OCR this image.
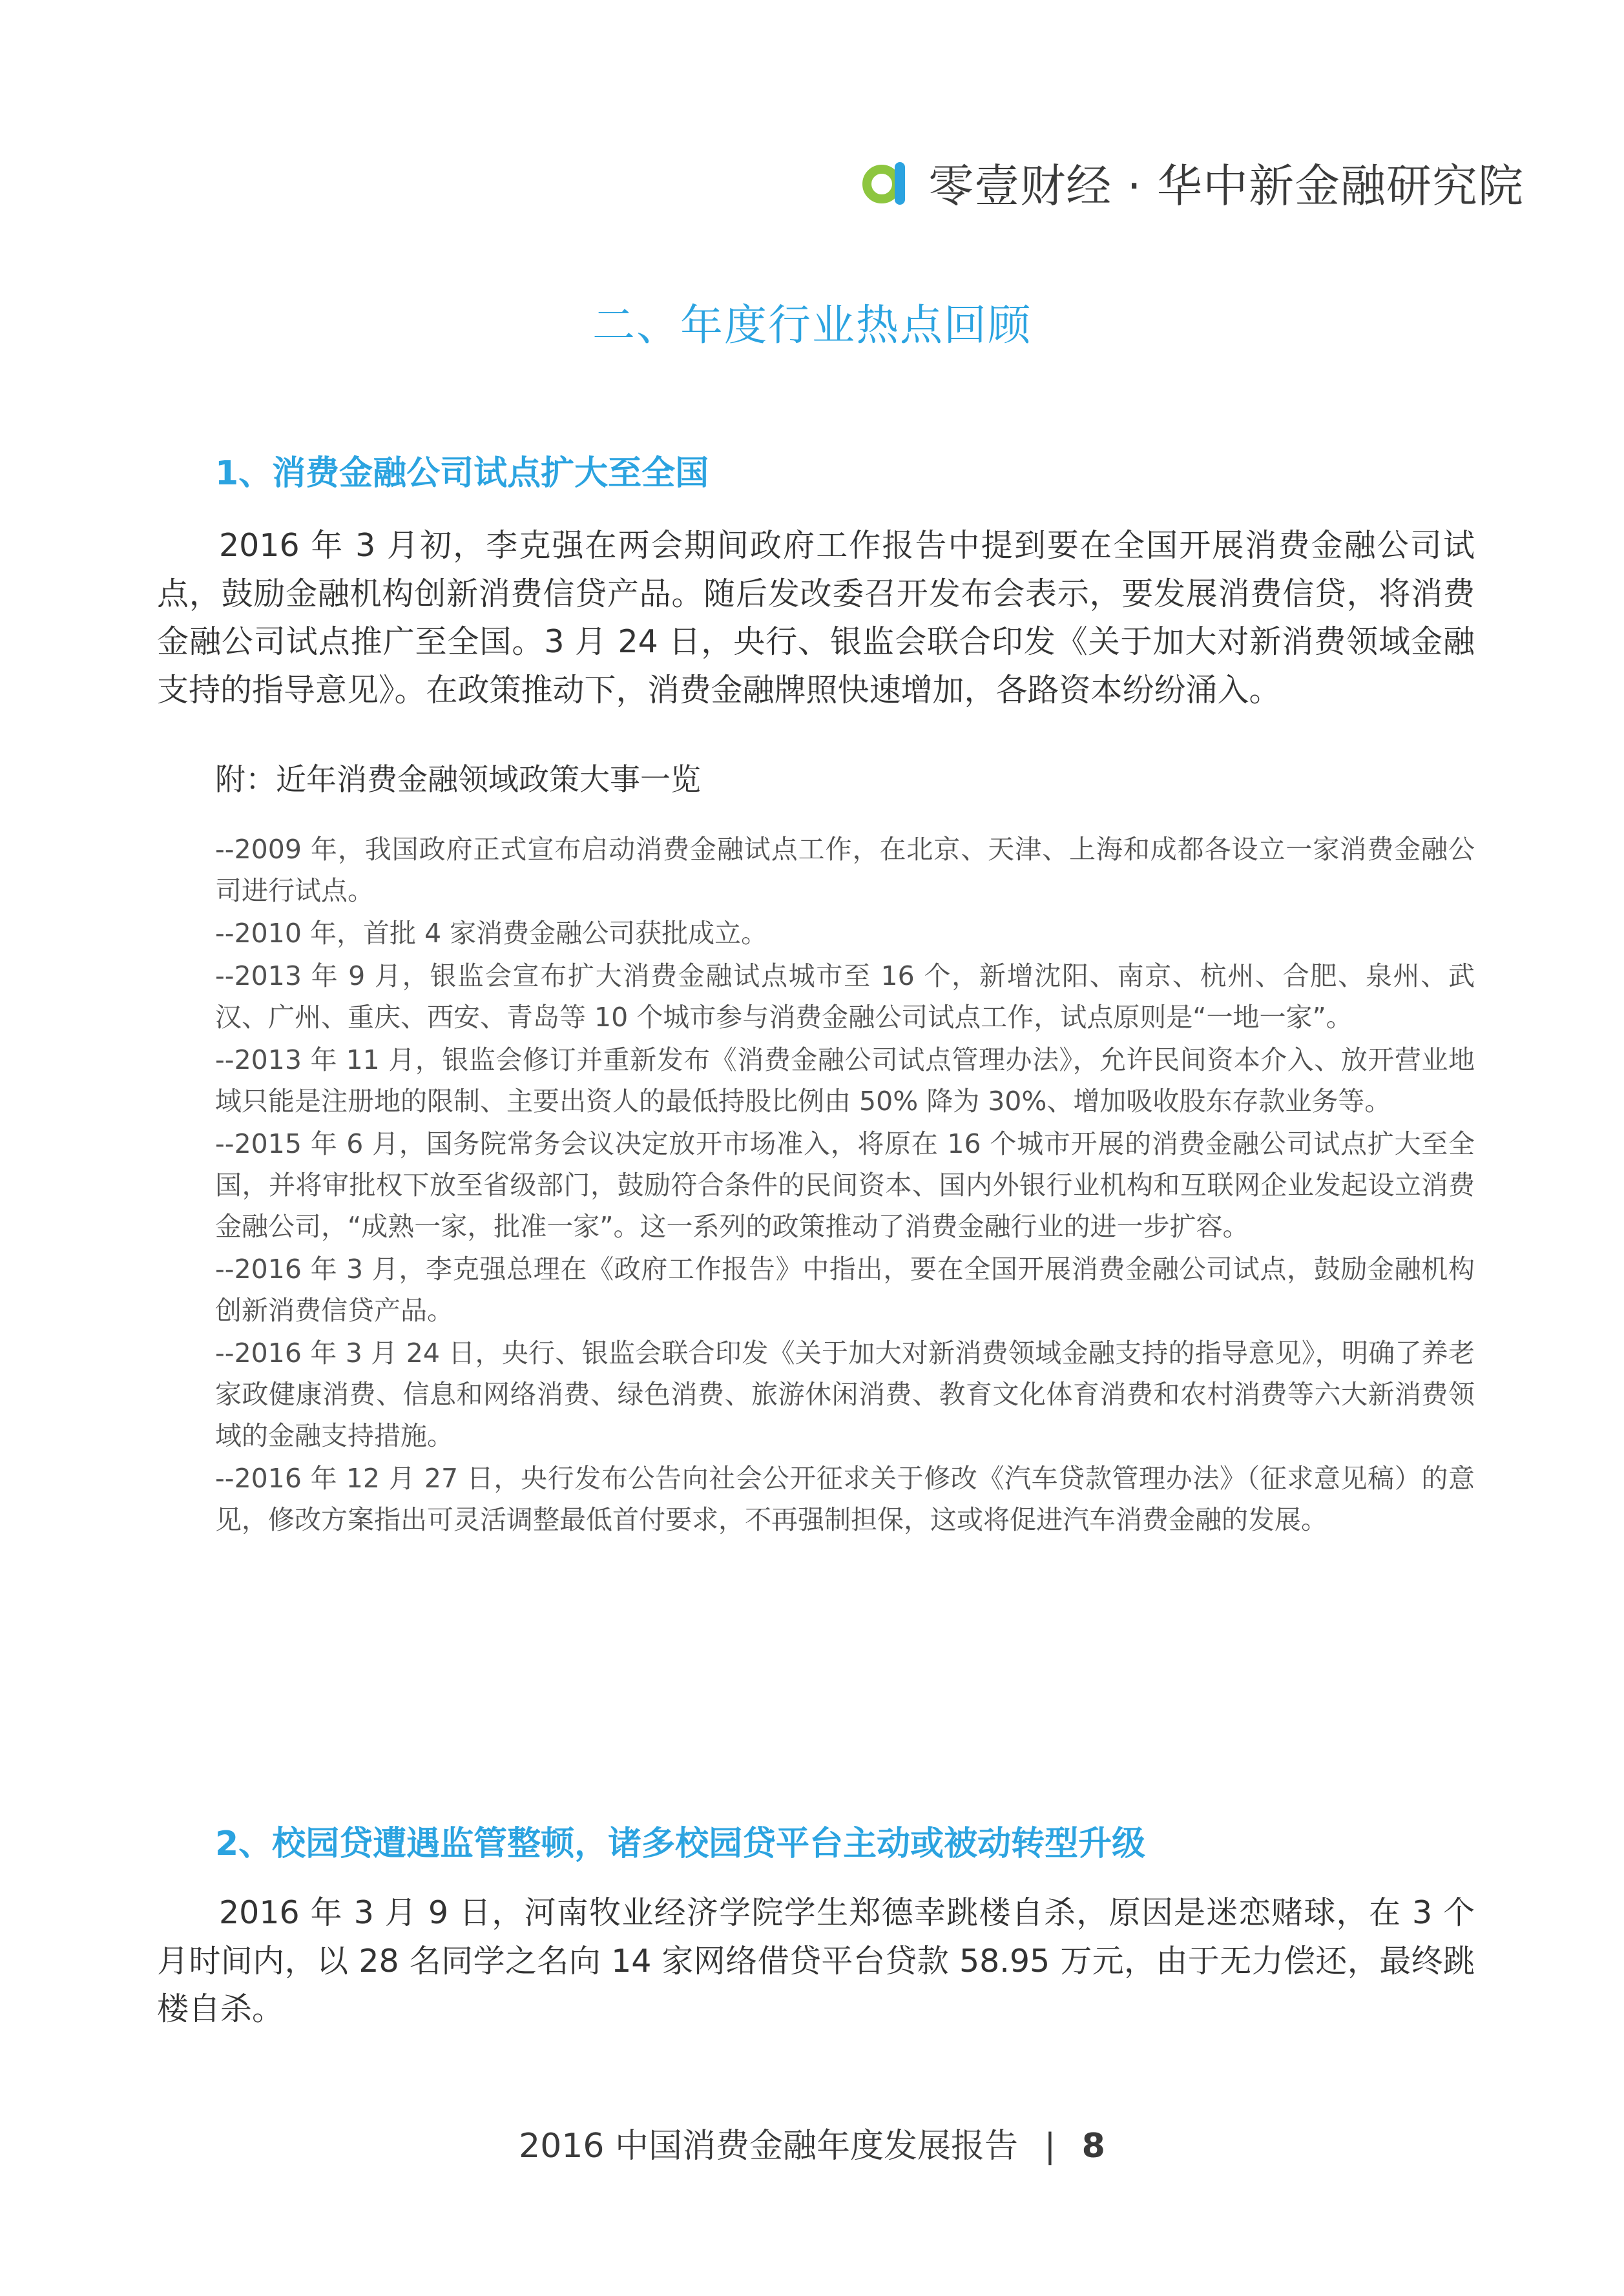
零壹财经 · 华中新金融研究院
二、年度行业热点回顾
1、消费金融公司试点扩大至全国

2016 年 3 月初，李克强在两会期间政府工作报告中提到要在全国开展消费金融公司试点，鼓励金融机构创新消费信贷产品。随后发改委召开发布会表示，要发展消费信贷，将消费金融公司试点推广至全国。3 月 24 日，央行、银监会联合印发《关于加大对新消费领域金融支持的指导意见》。在政策推动下，消费金融牌照快速增加，各路资本纷纷涌入。

附：近年消费金融领域政策大事一览

--2009 年，我国政府正式宣布启动消费金融试点工作，在北京、天津、上海和成都各设立一家消费金融公司进行试点。
--2010 年，首批 4 家消费金融公司获批成立。
--2013 年 9 月，银监会宣布扩大消费金融试点城市至 16 个，新增沈阳、南京、杭州、合肥、泉州、武汉、广州、重庆、西安、青岛等 10 个城市参与消费金融公司试点工作，试点原则是“一地一家”。
--2013 年 11 月，银监会修订并重新发布《消费金融公司试点管理办法》，允许民间资本介入、放开营业地域只能是注册地的限制、主要出资人的最低持股比例由 50% 降为 30%、增加吸收股东存款业务等。
--2015 年 6 月，国务院常务会议决定放开市场准入，将原在 16 个城市开展的消费金融公司试点扩大至全国，并将审批权下放至省级部门，鼓励符合条件的民间资本、国内外银行业机构和互联网企业发起设立消费金融公司，“成熟一家，批准一家”。这一系列的政策推动了消费金融行业的进一步扩容。
--2016 年 3 月，李克强总理在《政府工作报告》中指出，要在全国开展消费金融公司试点，鼓励金融机构创新消费信贷产品。
--2016 年 3 月 24 日，央行、银监会联合印发《关于加大对新消费领域金融支持的指导意见》，明确了养老家政健康消费、信息和网络消费、绿色消费、旅游休闲消费、教育文化体育消费和农村消费等六大新消费领域的金融支持措施。
--2016 年 12 月 27 日，央行发布公告向社会公开征求关于修改《汽车贷款管理办法》（征求意见稿）的意见，修改方案指出可灵活调整最低首付要求，不再强制担保，这或将促进汽车消费金融的发展。
2、校园贷遭遇监管整顿，诸多校园贷平台主动或被动转型升级

2016 年 3 月 9 日，河南牧业经济学院学生郑德幸跳楼自杀，原因是迷恋赌球，在 3 个月时间内，以 28 名同学之名向 14 家网络借贷平台贷款 58.95 万元，由于无力偿还，最终跳楼自杀。

2016 中国消费金融年度发展报告 | 8
